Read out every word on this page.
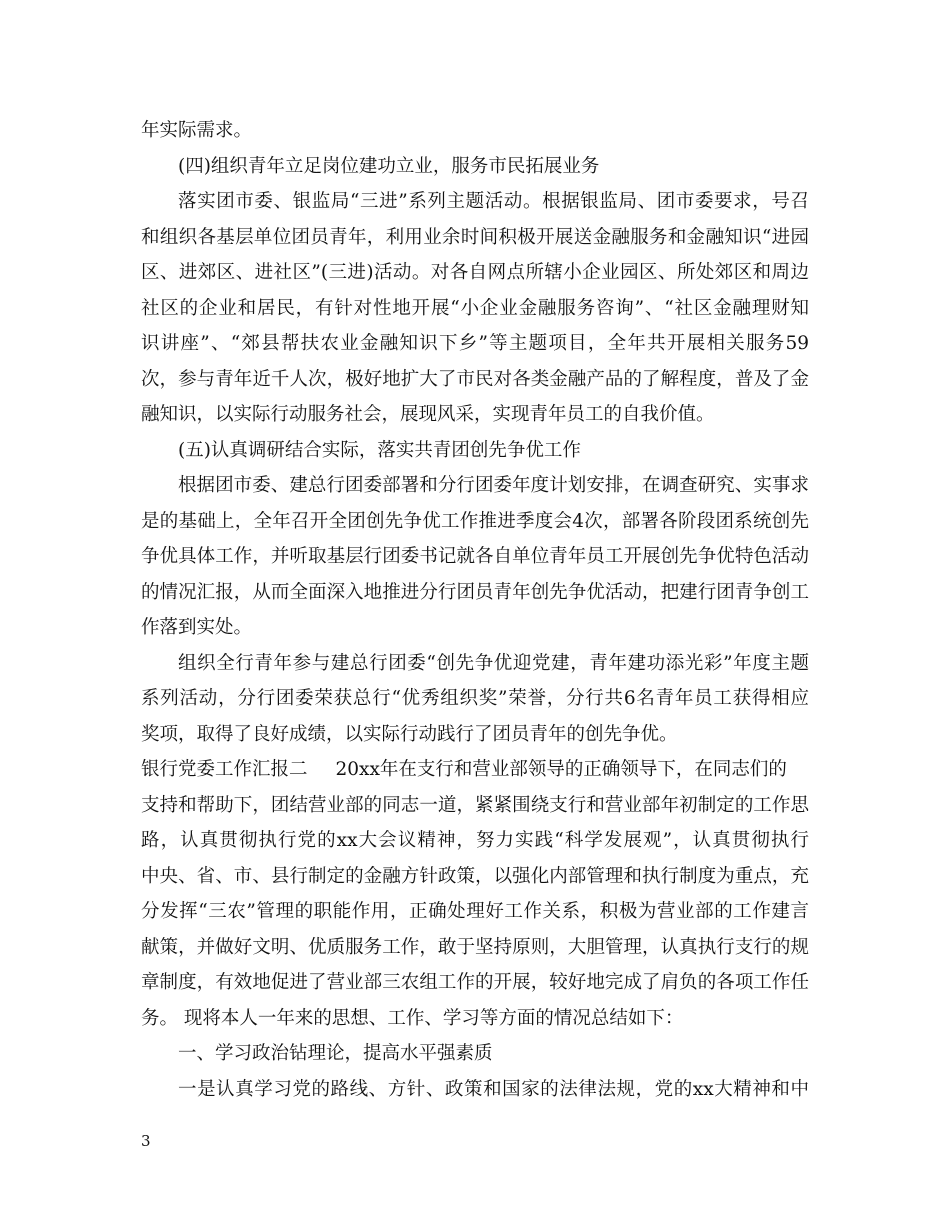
年实际需求。
(四)组织青年立足岗位建功立业，服务市民拓展业务
落实团市委、银监局“三进”系列主题活动。根据银监局、团市委要求，号召
和组织各基层单位团员青年，利用业余时间积极开展送金融服务和金融知识“进园
区、进郊区、进社区”(三进)活动。对各自网点所辖小企业园区、所处郊区和周边
社区的企业和居民，有针对性地开展“小企业金融服务咨询”、“社区金融理财知
识讲座”、“郊县帮扶农业金融知识下乡”等主题项目，全年共开展相关服务59
次，参与青年近千人次，极好地扩大了市民对各类金融产品的了解程度，普及了金
融知识，以实际行动服务社会，展现风采，实现青年员工的自我价值。
(五)认真调研结合实际，落实共青团创先争优工作
根据团市委、建总行团委部署和分行团委年度计划安排，在调查研究、实事求
是的基础上，全年召开全团创先争优工作推进季度会4次，部署各阶段团系统创先
争优具体工作，并听取基层行团委书记就各自单位青年员工开展创先争优特色活动
的情况汇报，从而全面深入地推进分行团员青年创先争优活动，把建行团青争创工
作落到实处。
组织全行青年参与建总行团委“创先争优迎党建，青年建功添光彩”年度主题
系列活动，分行团委荣获总行“优秀组织奖”荣誉，分行共6名青年员工获得相应
奖项，取得了良好成绩，以实际行动践行了团员青年的创先争优。
银行党委工作汇报二 20xx年在支行和营业部领导的正确领导下，在同志们的
支持和帮助下，团结营业部的同志一道，紧紧围绕支行和营业部年初制定的工作思
路，认真贯彻执行党的xx大会议精神，努力实践“科学发展观”，认真贯彻执行
中央、省、市、县行制定的金融方针政策，以强化内部管理和执行制度为重点，充
分发挥“三农”管理的职能作用，正确处理好工作关系，积极为营业部的工作建言
献策，并做好文明、优质服务工作，敢于坚持原则，大胆管理，认真执行支行的规
章制度，有效地促进了营业部三农组工作的开展，较好地完成了肩负的各项工作任
务。 现将本人一年来的思想、工作、学习等方面的情况总结如下：
一、学习政治钻理论，提高水平强素质
一是认真学习党的路线、方针、政策和国家的法律法规，党的xx大精神和中
3
